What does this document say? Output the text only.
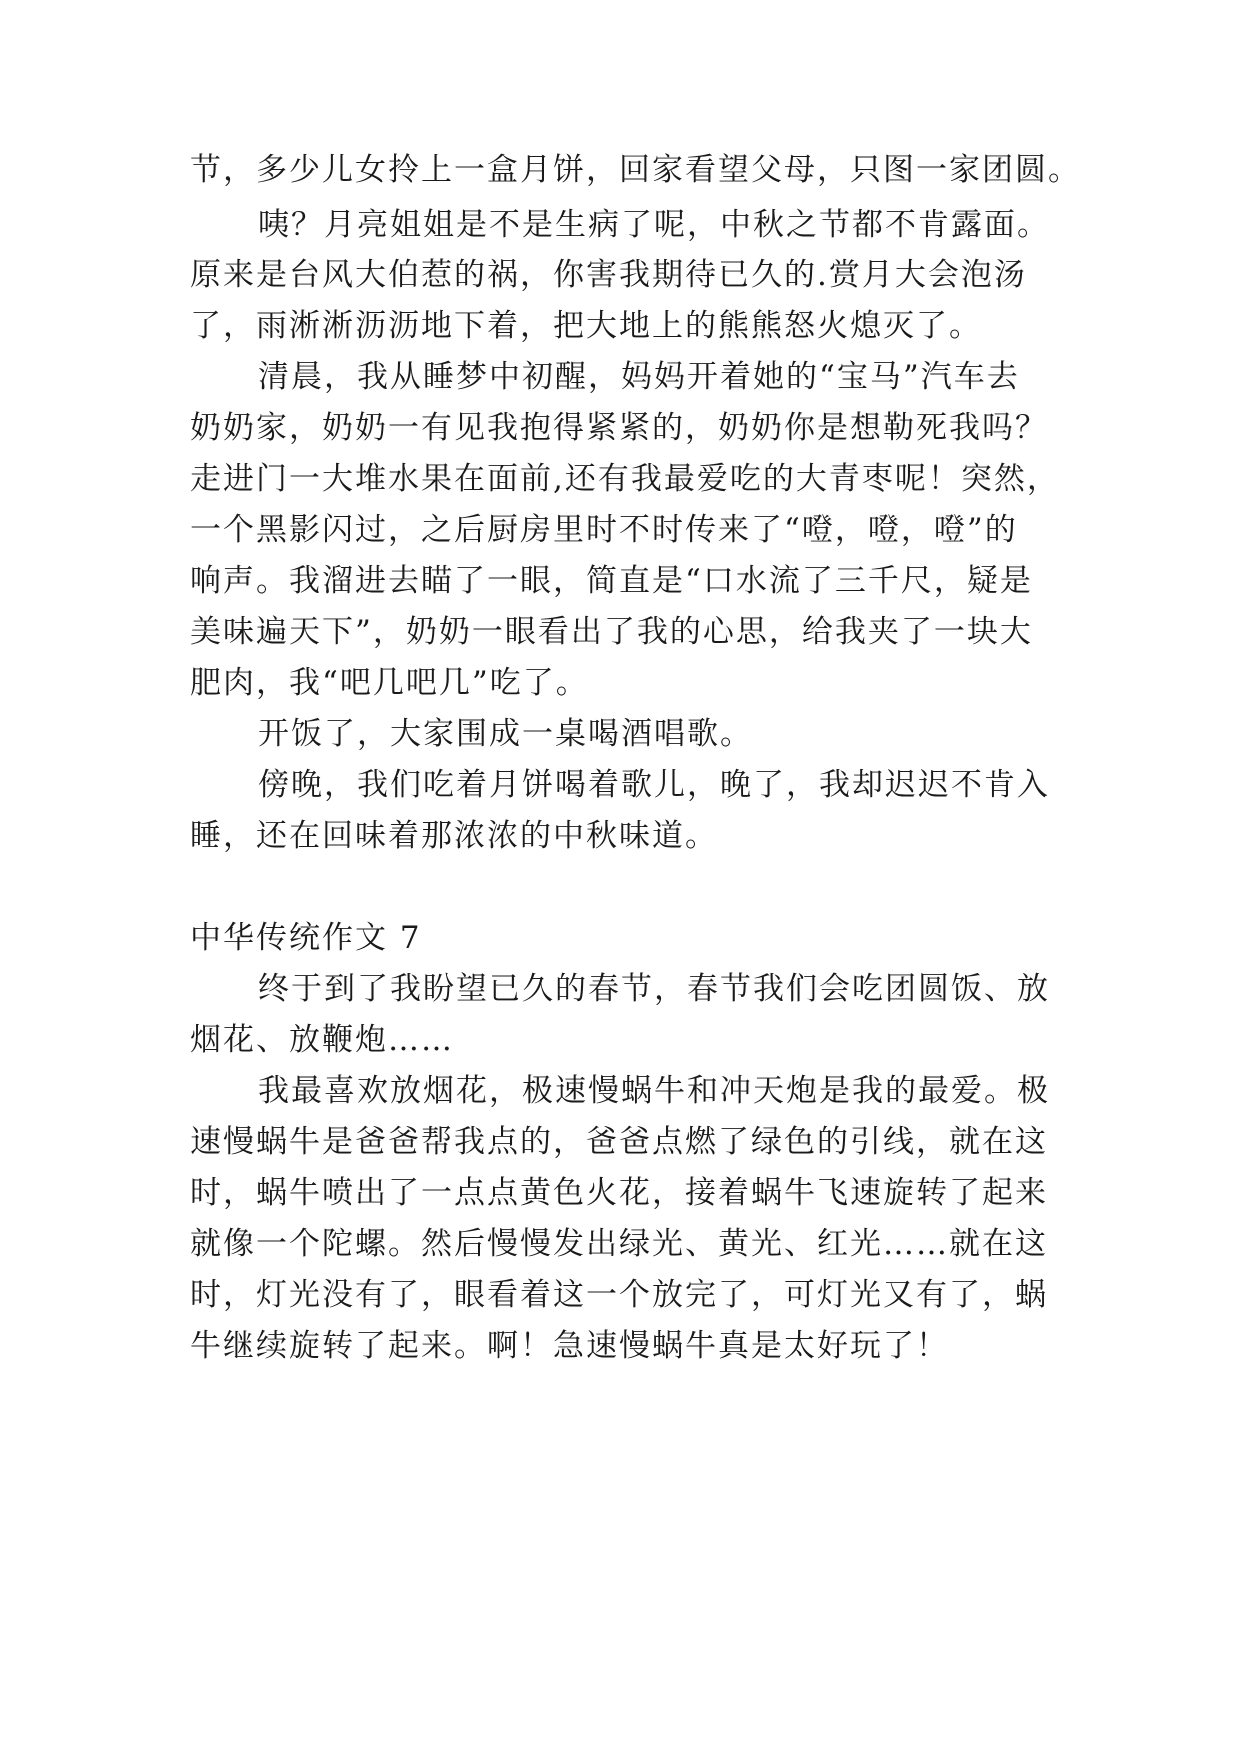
节，多少儿女拎上一盒月饼，回家看望父母，只图一家团圆。
咦？月亮姐姐是不是生病了呢，中秋之节都不肯露面。
原来是台风大伯惹的祸，你害我期待已久的.赏月大会泡汤
了，雨淅淅沥沥地下着，把大地上的熊熊怒火熄灭了。
清晨，我从睡梦中初醒，妈妈开着她的“宝马”汽车去
奶奶家，奶奶一有见我抱得紧紧的，奶奶你是想勒死我吗？
走进门一大堆水果在面前,还有我最爱吃的大青枣呢！突然，
一个黑影闪过，之后厨房里时不时传来了“噔，噔，噔”的
响声。我溜进去瞄了一眼，简直是“口水流了三千尺，疑是
美味遍天下”，奶奶一眼看出了我的心思，给我夹了一块大
肥肉，我“吧几吧几”吃了。
开饭了，大家围成一桌喝酒唱歌。
傍晚，我们吃着月饼喝着歌儿，晚了，我却迟迟不肯入
睡，还在回味着那浓浓的中秋味道。
中华传统作文 7
终于到了我盼望已久的春节，春节我们会吃团圆饭、放
烟花、放鞭炮……
我最喜欢放烟花，极速慢蜗牛和冲天炮是我的最爱。极
速慢蜗牛是爸爸帮我点的，爸爸点燃了绿色的引线，就在这
时，蜗牛喷出了一点点黄色火花，接着蜗牛飞速旋转了起来
就像一个陀螺。然后慢慢发出绿光、黄光、红光……就在这
时，灯光没有了，眼看着这一个放完了，可灯光又有了，蜗
牛继续旋转了起来。啊！急速慢蜗牛真是太好玩了！
